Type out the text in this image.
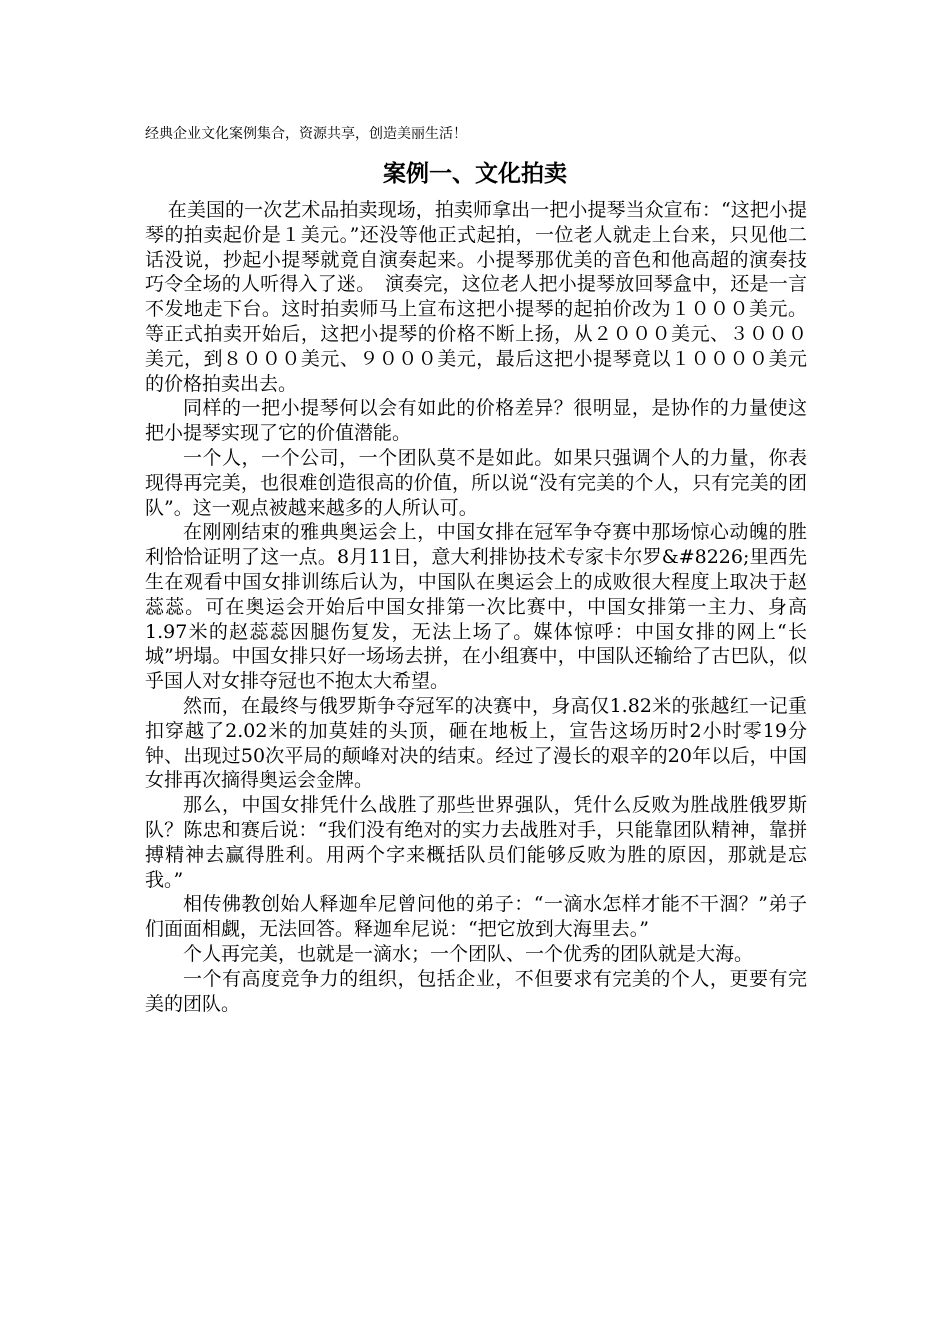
经典企业文化案例集合，资源共享，创造美丽生活！
案例一、文化拍卖

在美国的一次艺术品拍卖现场，拍卖师拿出一把小提琴当众宣布：“这把小提琴的拍卖起价是１美元。”还没等他正式起拍，一位老人就走上台来，只见他二话没说，抄起小提琴就竟自演奏起来。小提琴那优美的音色和他高超的演奏技巧令全场的人听得入了迷。　演奏完，这位老人把小提琴放回琴盒中，还是一言不发地走下台。这时拍卖师马上宣布这把小提琴的起拍价改为１０００美元。等正式拍卖开始后，这把小提琴的价格不断上扬，从２０００美元、３０００美元，到８０００美元、９０００美元，最后这把小提琴竟以１００００美元的价格拍卖出去。

同样的一把小提琴何以会有如此的价格差异？很明显，是协作的力量使这把小提琴实现了它的价值潜能。

一个人，一个公司，一个团队莫不是如此。如果只强调个人的力量，你表现得再完美，也很难创造很高的价值，所以说“没有完美的个人，只有完美的团队”。这一观点被越来越多的人所认可。

在刚刚结束的雅典奥运会上，中国女排在冠军争夺赛中那场惊心动魄的胜利恰恰证明了这一点。8月11日，意大利排协技术专家卡尔罗&#8226;里西先生在观看中国女排训练后认为，中国队在奥运会上的成败很大程度上取决于赵蕊蕊。可在奥运会开始后中国女排第一次比赛中，中国女排第一主力、身高1.97米的赵蕊蕊因腿伤复发，无法上场了。媒体惊呼：中国女排的网上“长城”坍塌。中国女排只好一场场去拼，在小组赛中，中国队还输给了古巴队，似乎国人对女排夺冠也不抱太大希望。

然而，在最终与俄罗斯争夺冠军的决赛中，身高仅1.82米的张越红一记重扣穿越了2.02米的加莫娃的头顶，砸在地板上，宣告这场历时2小时零19分钟、出现过50次平局的颠峰对决的结束。经过了漫长的艰辛的20年以后，中国女排再次摘得奥运会金牌。

那么，中国女排凭什么战胜了那些世界强队，凭什么反败为胜战胜俄罗斯队？陈忠和赛后说：“我们没有绝对的实力去战胜对手，只能靠团队精神，靠拼搏精神去赢得胜利。用两个字来概括队员们能够反败为胜的原因，那就是忘我。”

相传佛教创始人释迦牟尼曾问他的弟子：“一滴水怎样才能不干涸？”弟子们面面相觑，无法回答。释迦牟尼说：“把它放到大海里去。”

个人再完美，也就是一滴水；一个团队、一个优秀的团队就是大海。

一个有高度竞争力的组织，包括企业，不但要求有完美的个人，更要有完美的团队。
